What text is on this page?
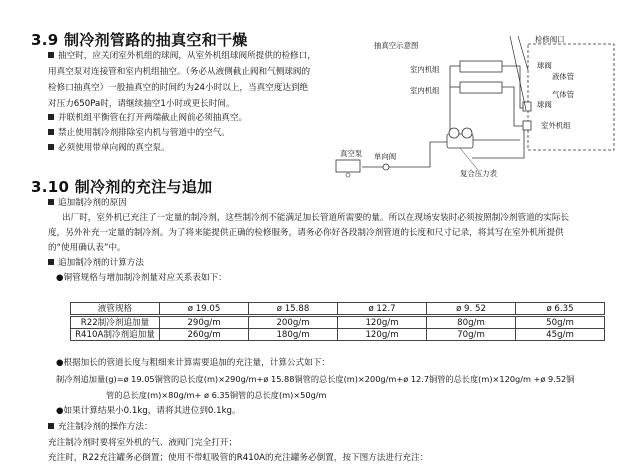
3.9 制冷剂管路的抽真空和干燥
抽空时，应关闭室外机组的球阀，从室外机组球阀所提供的检修口，
用真空泵对连接管和室内机组抽空。（务必从液侧截止阀和气侧球阀的
检修口抽真空）一般抽真空的时间约为24小时以上，当真空度达到绝
对压力650Pa时，请继续抽空1小时或更长时间。
并联机组平衡管在打开两端截止阀前必须抽真空。
禁止使用制冷剂排除室内机与管道中的空气。
必须使用带单向阀的真空泵。
抽真空示意图
检修阀口
室内机组
室内机组
球阀
液体管
气体管
球阀
室外机组
真空泵 单向阀
复合压力表
3.10 制冷剂的充注与追加
追加制冷剂的原因
出厂时，室外机已充注了一定量的制冷剂，这些制冷剂不能满足加长管道所需要的量。所以在现场安装时必须按照制冷剂管道的实际长
度，另外补充一定量的制冷剂。为了将来能提供正确的检修服务，请务必你好各段制冷剂管道的长度和尺寸记录，将其写在室外机所提供
的“使用确认表”中。
追加制冷剂的计算方法
●铜管规格与增加制冷剂量对应关系表如下：
液管规格	ø 19.05	ø 15.88	ø 12.7	ø 9. 52	ø 6.35
R22制冷剂追加量	290g/m	200g/m	120g/m	80g/m	50g/m
R410A制冷剂追加量	260g/m	180g/m	120g/m	70g/m	45g/m
●根据加长的管道长度与粗细来计算需要追加的充注量，计算公式如下：
制冷剂追加量(g)=ø 19.05铜管的总长度(m)×290g/m+ø 15.88铜管的总长度(m)×200g/m+ø 12.7铜管的总长度(m)×120g/m +ø 9.52铜
管的总长度(m)×80g/m+ ø 6.35铜管的总长度(m)×50g/m
●如果计算结果小0.1kg，请将其进位到0.1kg。
充注制冷剂的操作方法：
充注制冷剂时要将室外机的气、液阀门完全打开；
充注时，R22充注罐务必倒置；使用不带虹吸管的R410A的充注罐务必倒置，按下图方法进行充注：
